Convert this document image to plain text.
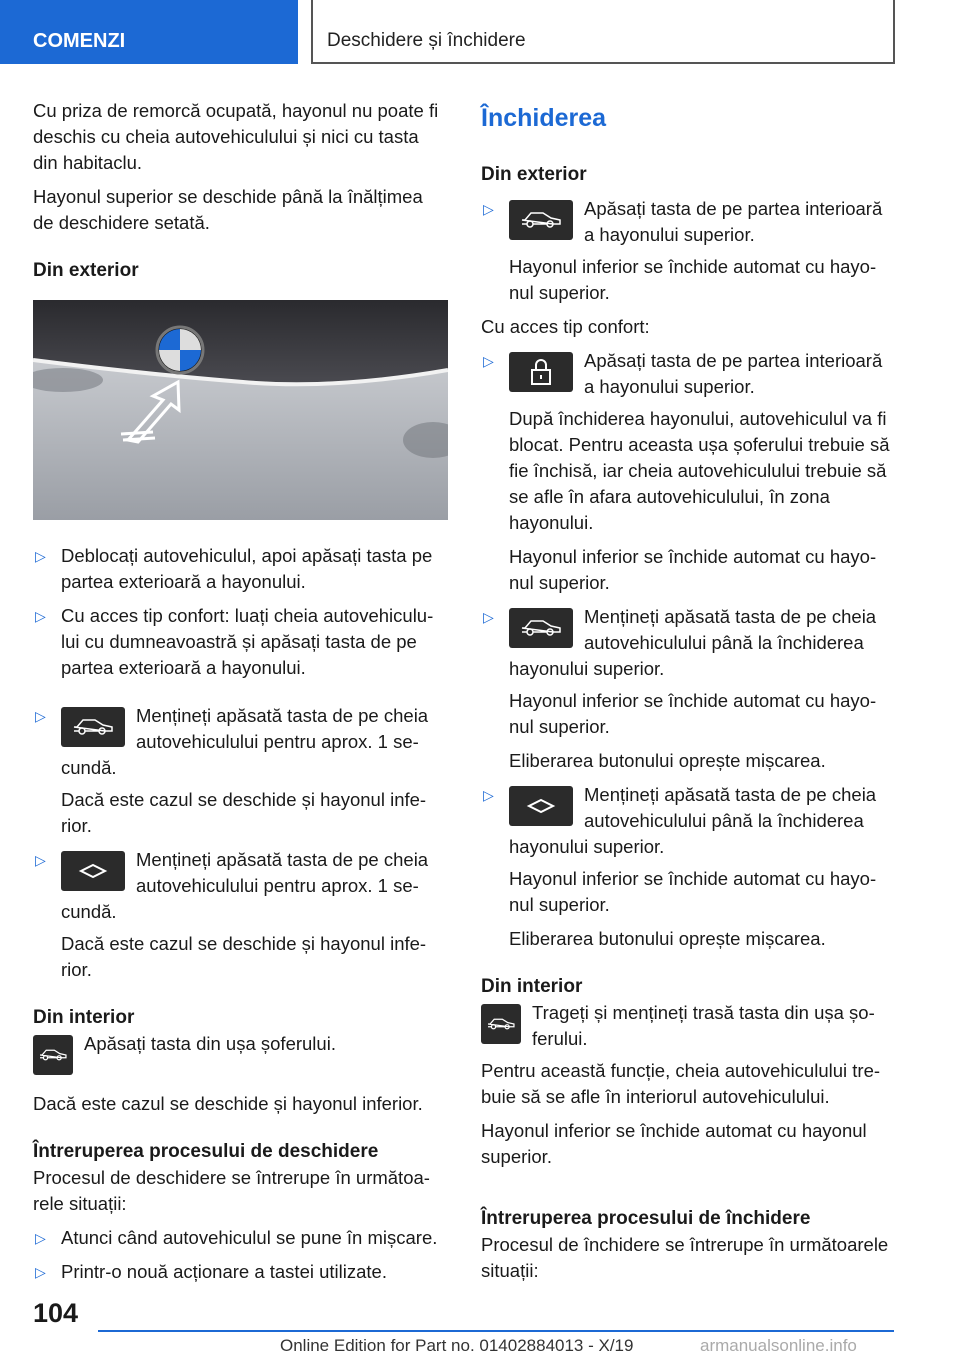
COMENZI	Deschidere și închidere

Cu priza de remorcă ocupată, hayonul nu poate fi deschis cu cheia autovehiculului și nici cu tasta din habitaclu.

Hayonul superior se deschide până la înălțimea de deschidere setată.

Din exterior
▷ Deblocați autovehiculul, apoi apăsați tasta pe partea exterioară a hayonului.
▷ Cu acces tip confort: luați cheia autovehiculu-lui cu dumneavoastră și apăsați tasta de pe partea exterioară a hayonului.
▷	Mențineți apăsată tasta de pe cheia autovehiculului pentru aprox. 1 se-cundă.

Dacă este cazul se deschide și hayonul infe-rior.

▷	Mențineți apăsată tasta de pe cheia autovehiculului pentru aprox. 1 se-cundă.

Dacă este cazul se deschide și hayonul infe-rior.

Din interior
Apăsați tasta din ușa șoferului.

Dacă este cazul se deschide și hayonul inferior.

Întreruperea procesului de deschidere

Procesul de deschidere se întrerupe în următoa-rele situații:

▷ Atunci când autovehiculul se pune în mișcare.
▷ Printr-o nouă acționare a tastei utilizate.
Închiderea
Din exterior
▷	Apăsați tasta de pe partea interioară a hayonului superior.

Hayonul inferior se închide automat cu hayo-nul superior.

Cu acces tip confort:

▷	Apăsați tasta de pe partea interioară a hayonului superior.

După închiderea hayonului, autovehiculul va fi blocat. Pentru aceasta ușa șoferului trebuie să fie închisă, iar cheia autovehiculului trebuie să se afle în afara autovehiculului, în zona hayonului.

Hayonul inferior se închide automat cu hayo-nul superior.

▷	Mențineți apăsată tasta de pe cheia autovehiculului până la închiderea hayonului superior.

Hayonul inferior se închide automat cu hayo-nul superior.

Eliberarea butonului oprește mișcarea.

▷	Mențineți apăsată tasta de pe cheia autovehiculului până la închiderea hayonului superior.

Hayonul inferior se închide automat cu hayo-nul superior.

Eliberarea butonului oprește mișcarea.

Din interior
Trageți și mențineți trasă tasta din ușa șo-ferului.

Pentru această funcție, cheia autovehiculului tre-buie să se afle în interiorul autovehiculului.

Hayonul inferior se închide automat cu hayonul superior.

Întreruperea procesului de închidere

Procesul de închidere se întrerupe în următoarele situații:

104
Online Edition for Part no. 01402884013 - X/19	armanualsonline.info
